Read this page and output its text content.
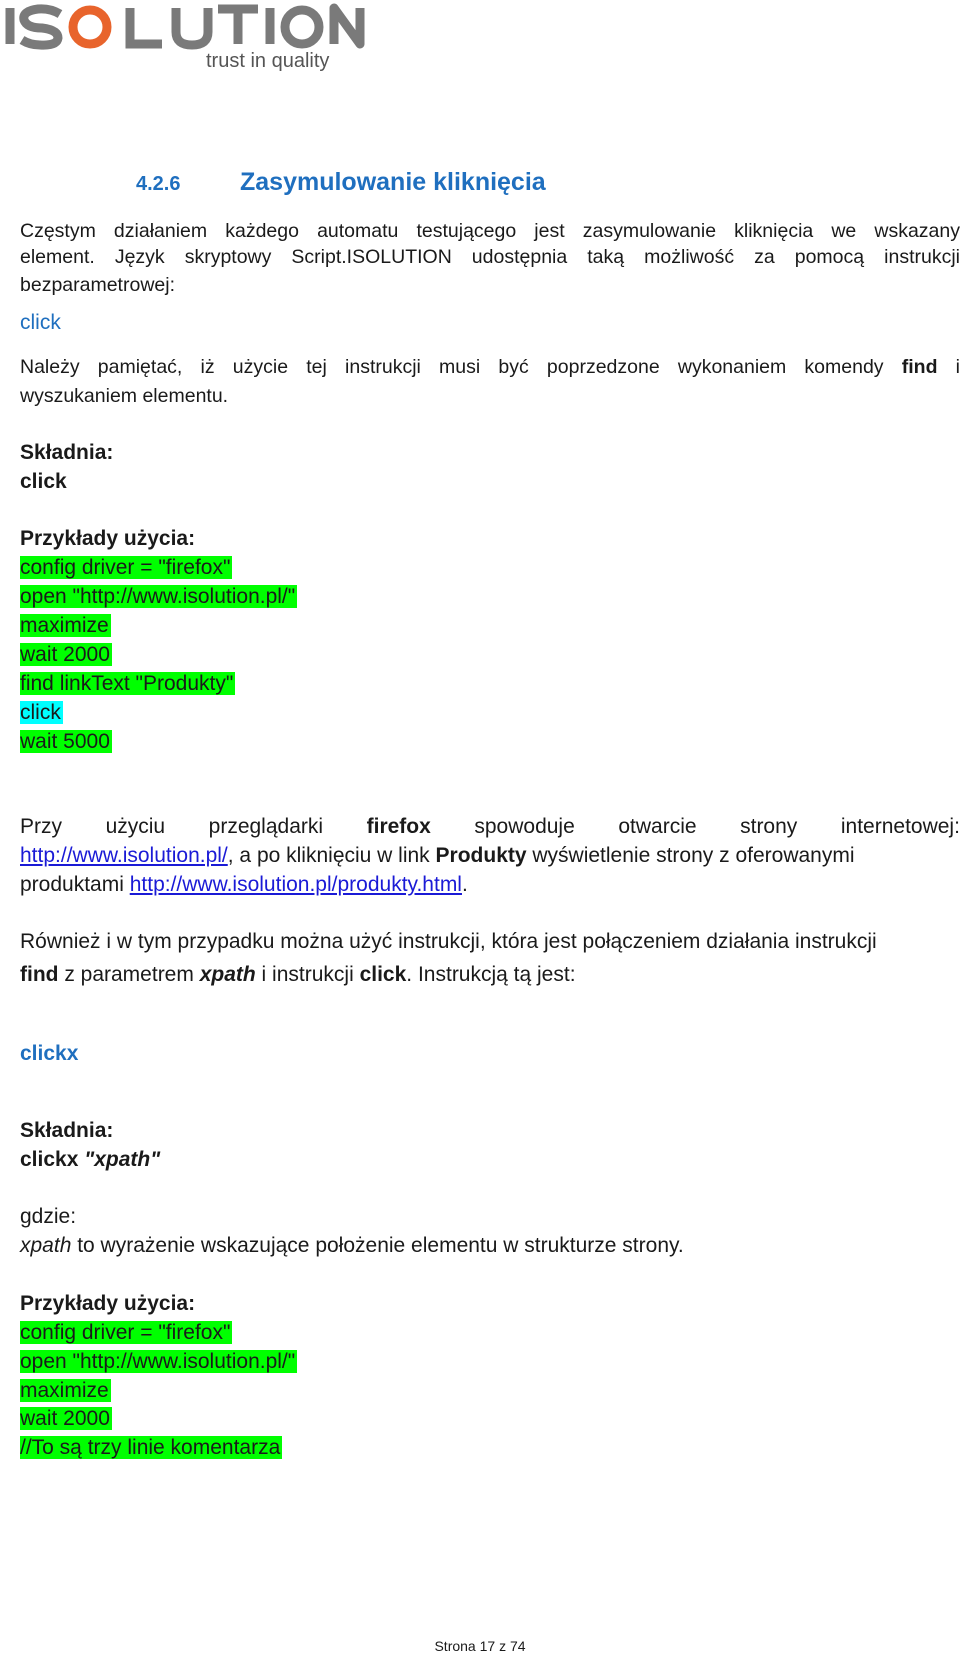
trust in quality
4.2.6 Zasymulowanie kliknięcia
Częstym działaniem każdego automatu testującego jest zasymulowanie kliknięcia we wskazany
element. Język skryptowy Script.ISOLUTION udostępnia taką możliwość za pomocą instrukcji
bezparametrowej:
click
Należy pamiętać, iż użycie tej instrukcji musi być poprzedzone wykonaniem komendy find i
wyszukaniem elementu.
Składnia:
click
Przykłady użycia:
config driver = "firefox"
open "http://www.isolution.pl/"
maximize
wait 2000
find linkText "Produkty"
click
wait 5000
Przy użyciu przeglądarki firefox spowoduje otwarcie strony internetowej:
http://www.isolution.pl/, a po kliknięciu w link Produkty wyświetlenie strony z oferowanymi
produktami http://www.isolution.pl/produkty.html.
Również i w tym przypadku można użyć instrukcji, która jest połączeniem działania instrukcji
find z parametrem xpath i instrukcji click. Instrukcją tą jest:
clickx
Składnia:
clickx "xpath"
gdzie:
xpath to wyrażenie wskazujące położenie elementu w strukturze strony.
Przykłady użycia:
config driver = "firefox"
open "http://www.isolution.pl/"
maximize
wait 2000
//To są trzy linie komentarza
Strona 17 z 74
